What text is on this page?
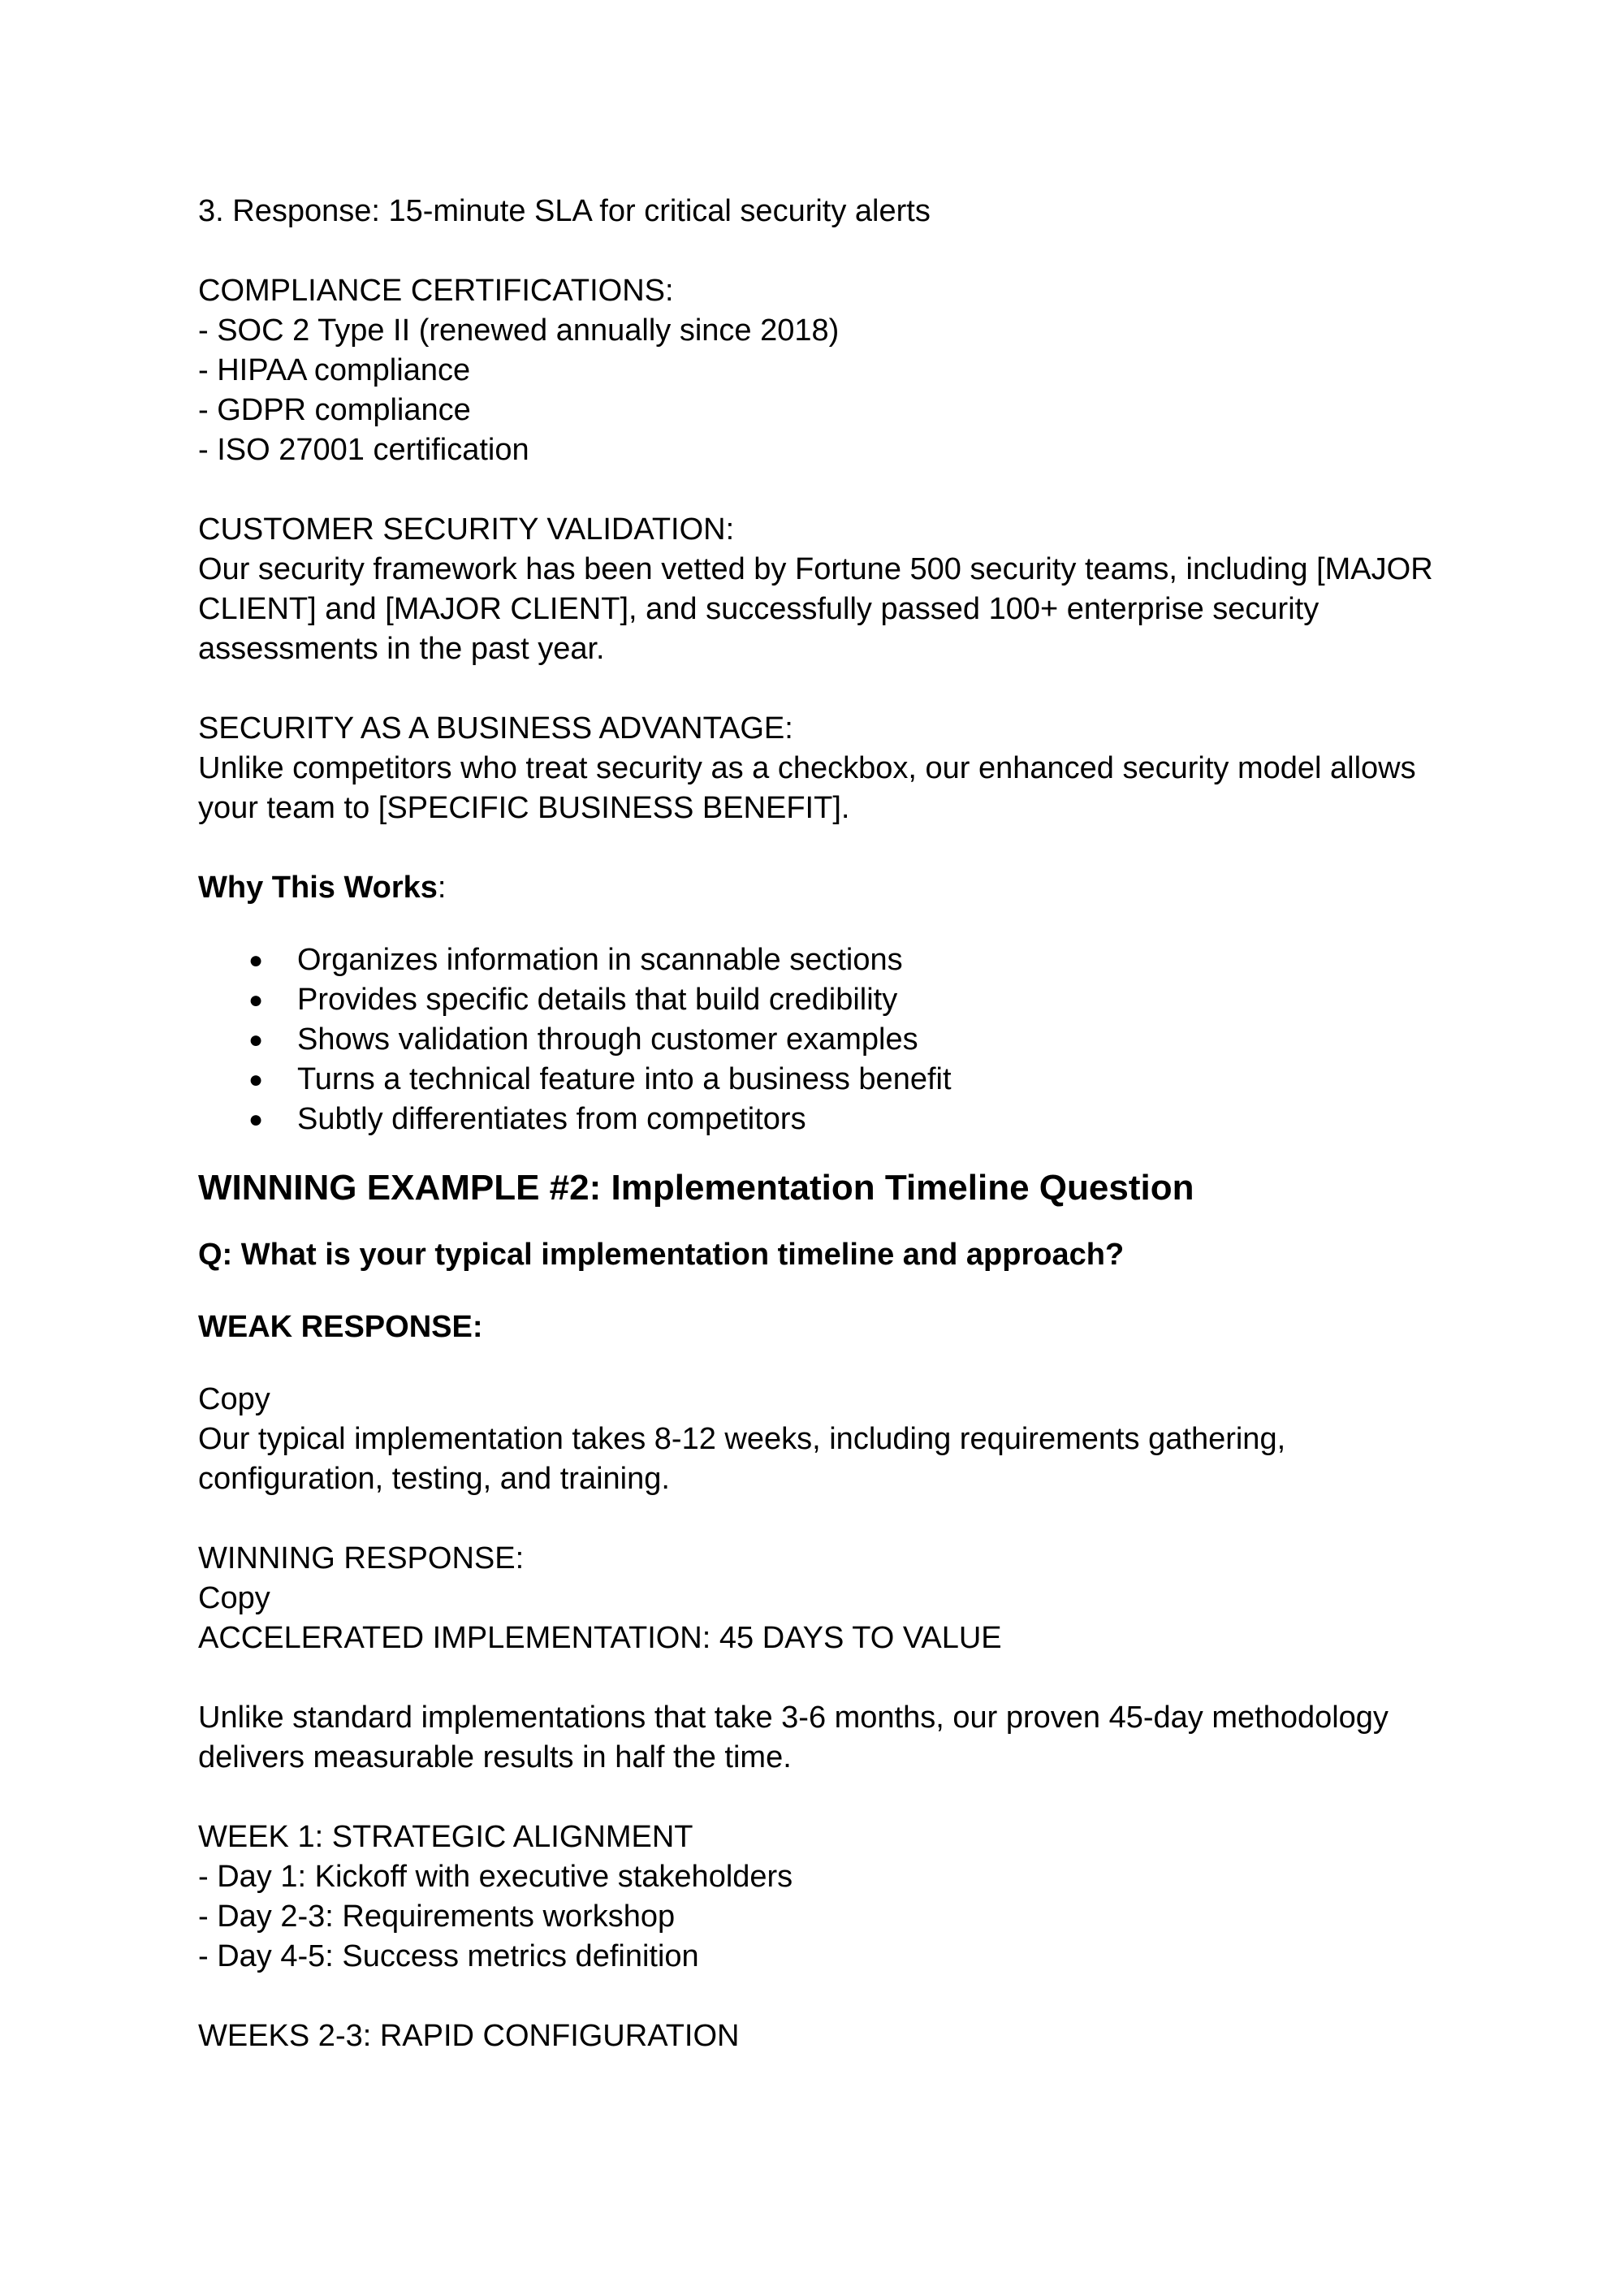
3. Response: 15-minute SLA for critical security alerts
COMPLIANCE CERTIFICATIONS:
- SOC 2 Type II (renewed annually since 2018)
- HIPAA compliance
- GDPR compliance
- ISO 27001 certification
CUSTOMER SECURITY VALIDATION:
Our security framework has been vetted by Fortune 500 security teams, including [MAJOR
CLIENT] and [MAJOR CLIENT], and successfully passed 100+ enterprise security
assessments in the past year.
SECURITY AS A BUSINESS ADVANTAGE:
Unlike competitors who treat security as a checkbox, our enhanced security model allows
your team to [SPECIFIC BUSINESS BENEFIT].
Why This Works:
● Organizes information in scannable sections
● Provides specific details that build credibility
● Shows validation through customer examples
● Turns a technical feature into a business benefit
● Subtly differentiates from competitors
WINNING EXAMPLE #2: Implementation Timeline Question
Q: What is your typical implementation timeline and approach?
WEAK RESPONSE:
Copy
Our typical implementation takes 8-12 weeks, including requirements gathering,
configuration, testing, and training.
WINNING RESPONSE:
Copy
ACCELERATED IMPLEMENTATION: 45 DAYS TO VALUE
Unlike standard implementations that take 3-6 months, our proven 45-day methodology
delivers measurable results in half the time.
WEEK 1: STRATEGIC ALIGNMENT
- Day 1: Kickoff with executive stakeholders
- Day 2-3: Requirements workshop
- Day 4-5: Success metrics definition
WEEKS 2-3: RAPID CONFIGURATION
